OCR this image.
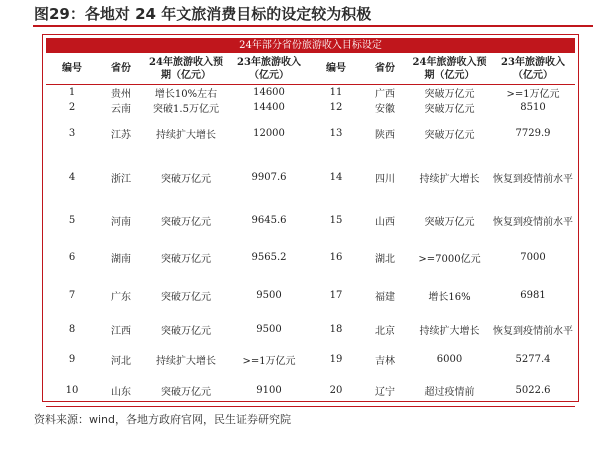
图29：各地对 24 年文旅消费目标的设定较为积极
24年部分省份旅游收入目标设定
编号	省份	24年旅游收入预期（亿元）	23年旅游收入（亿元）	编号	省份	24年旅游收入预期（亿元）	23年旅游收入（亿元）
1	贵州	增长10%左右	14600	11	广西	突破万亿元	>=1万亿元
2	云南	突破1.5万亿元	14400	12	安徽	突破万亿元	8510
3	江苏	持续扩大增长	12000	13	陕西	突破万亿元	7729.9
4	浙江	突破万亿元	9907.6	14	四川	持续扩大增长	恢复到疫情前水平
5	河南	突破万亿元	9645.6	15	山西	突破万亿元	恢复到疫情前水平
6	湖南	突破万亿元	9565.2	16	湖北	>=7000亿元	7000
7	广东	突破万亿元	9500	17	福建	增长16%	6981
8	江西	突破万亿元	9500	18	北京	持续扩大增长	恢复到疫情前水平
9	河北	持续扩大增长	>=1万亿元	19	吉林	6000	5277.4
10	山东	突破万亿元	9100	20	辽宁	超过疫情前	5022.6
资料来源：wind，各地方政府官网，民生证券研究院
